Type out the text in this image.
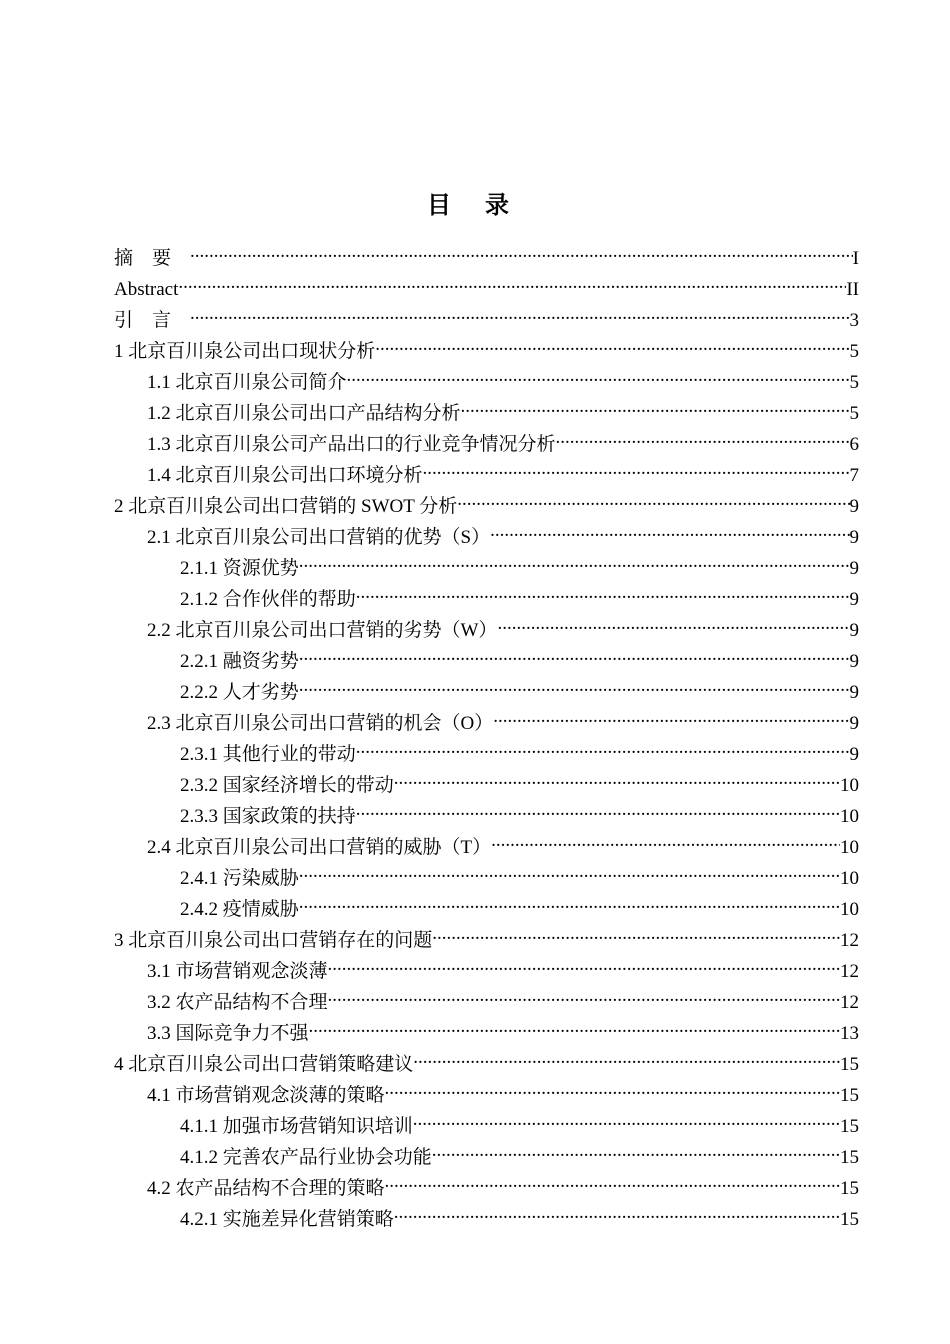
目 录
摘要 .....	I
Abstract .....	II
引言 .....	3
1 北京百川泉公司出口现状分析 .....	5
1.1 北京百川泉公司简介 .....	5
1.2 北京百川泉公司出口产品结构分析 .....	5
1.3 北京百川泉公司产品出口的行业竞争情况分析 .....	6
1.4 北京百川泉公司出口环境分析 .....	7
2 北京百川泉公司出口营销的 SWOT 分析 .....	9
2.1 北京百川泉公司出口营销的优势（S） .....	9
2.1.1 资源优势 .....	9
2.1.2 合作伙伴的帮助 .....	9
2.2 北京百川泉公司出口营销的劣势（W） .....	9
2.2.1 融资劣势 .....	9
2.2.2 人才劣势 .....	9
2.3 北京百川泉公司出口营销的机会（O） .....	9
2.3.1 其他行业的带动 .....	9
2.3.2 国家经济增长的带动 .....	10
2.3.3 国家政策的扶持 .....	10
2.4 北京百川泉公司出口营销的威胁（T） .....	10
2.4.1 污染威胁 .....	10
2.4.2 疫情威胁 .....	10
3 北京百川泉公司出口营销存在的问题 .....	12
3.1 市场营销观念淡薄 .....	12
3.2 农产品结构不合理 .....	12
3.3 国际竞争力不强 .....	13
4 北京百川泉公司出口营销策略建议 .....	15
4.1 市场营销观念淡薄的策略 .....	15
4.1.1 加强市场营销知识培训 .....	15
4.1.2 完善农产品行业协会功能 .....	15
4.2 农产品结构不合理的策略 .....	15
4.2.1 实施差异化营销策略 .....	15
